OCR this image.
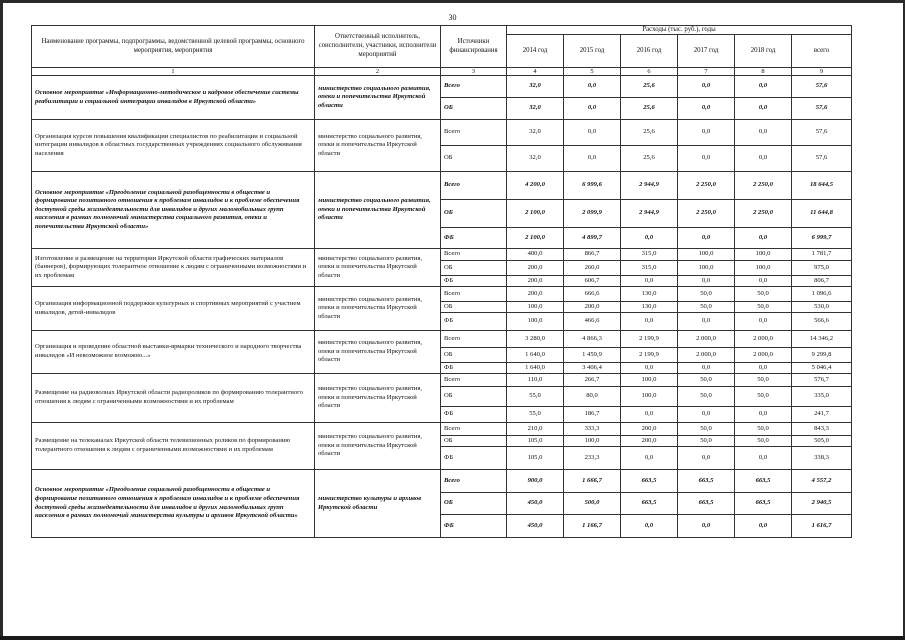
30
Наименование программы, подпрограммы, ведомственной целевой программы, основного мероприятия, мероприятия	Ответственный исполнитель, соисполнители, участники, исполнители мероприятий	Источники финансирования	Расходы (тыс. руб.), годы					
			2014 год	2015 год	2016 год	2017 год	2018 год	всего
1	2	3	4	5	6	7	8	9
Основное мероприятие «Информационно-методическое и кадровое обеспечение системы реабилитации и социальной интеграции инвалидов в Иркутской области»	министерство социального развития, опеки и попечительства Иркутской области	Всего	32,0	0,0	25,6	0,0	0,0	57,6
		ОБ	32,0	0,0	25,6	0,0	0,0	57,6
Организация курсов повышения квалификации специалистов по реабилитации и социальной интеграции инвалидов в областных государственных учреждениях социального обслуживания населения	министерство социального развития, опеки и попечительства Иркутской области	Всего	32,0	0,0	25,6	0,0	0,0	57,6
		ОБ	32,0	0,0	25,6	0,0	0,0	57,6
Основное мероприятие «Преодоление социальной разобщенности в обществе и формирование позитивного отношения к проблемам инвалидов и к проблеме обеспечения доступной среды жизнедеятельности для инвалидов и других маломобильных групп населения в рамках полномочий министерства социального развития, опеки и попечительства Иркутской области»	министерство социального развития, опеки и попечительства Иркутской области	Всего	4 200,0	6 999,6	2 944,9	2 250,0	2 250,0	18 644,5
		ОБ	2 100,0	2 099,9	2 944,9	2 250,0	2 250,0	11 644,8
		ФБ	2 100,0	4 899,7	0,0	0,0	0,0	6 999,7
Изготовление и размещение на территории Иркутской области графических материалов (баннеров), формирующих толерантное отношение к людям с ограниченными возможностями и их проблемам	министерство социального развития, опеки и попечительства Иркутской области	Всего	400,0	866,7	315,0	100,0	100,0	1 781,7
		ОБ	200,0	260,0	315,0	100,0	100,0	975,0
		ФБ	200,0	606,7	0,0	0,0	0,0	806,7
Организация информационной поддержки культурных и спортивных мероприятий с участием инвалидов, детей-инвалидов	министерство социального развития, опеки и попечительства Иркутской области	Всего	200,0	666,6	130,0	50,0	50,0	1 096,6
		ОБ	100,0	200,0	130,0	50,0	50,0	530,0
		ФБ	100,0	466,6	0,0	0,0	0,0	566,6
Организация и проведение областной выставки-ярмарки технического и народного творчества инвалидов «И невозможное возможно...»	министерство социального развития, опеки и попечительства Иркутской области	Всего	3 280,0	4 866,3	2 199,9	2 000,0	2 000,0	14 346,2
		ОБ	1 640,0	1 459,9	2 199,9	2 000,0	2 000,0	9 299,8
		ФБ	1 640,0	3 406,4	0,0	0,0	0,0	5 046,4
Размещение на радиоволнах Иркутской области радиороликов по формированию толерантного отношения к людям с ограниченными возможностями и их проблемам	министерство социального развития, опеки и попечительства Иркутской области	Всего	110,0	266,7	100,0	50,0	50,0	576,7
		ОБ	55,0	80,0	100,0	50,0	50,0	335,0
		ФБ	55,0	186,7	0,0	0,0	0,0	241,7
Размещение на телеканалах Иркутской области телевизионных роликов по формированию толерантного отношения к людям с ограниченными возможностями и их проблемам	министерство социального развития, опеки и попечительства Иркутской области	Всего	210,0	333,3	200,0	50,0	50,0	843,3
		ОБ	105,0	100,0	200,0	50,0	50,0	505,0
		ФБ	105,0	233,3	0,0	0,0	0,0	338,3
Основное мероприятие «Преодоление социальной разобщенности в обществе и формирование позитивного отношения к проблемам инвалидов и к проблеме обеспечения доступной среды жизнедеятельности для инвалидов и других маломобильных групп населения в рамках полномочий министерства культуры и архивов Иркутской области»	министерство культуры и архивов Иркутской области	Всего	900,0	1 666,7	663,5	663,5	663,5	4 557,2
		ОБ	450,0	500,0	663,5	663,5	663,5	2 940,5
		ФБ	450,0	1 166,7	0,0	0,0	0,0	1 616,7
